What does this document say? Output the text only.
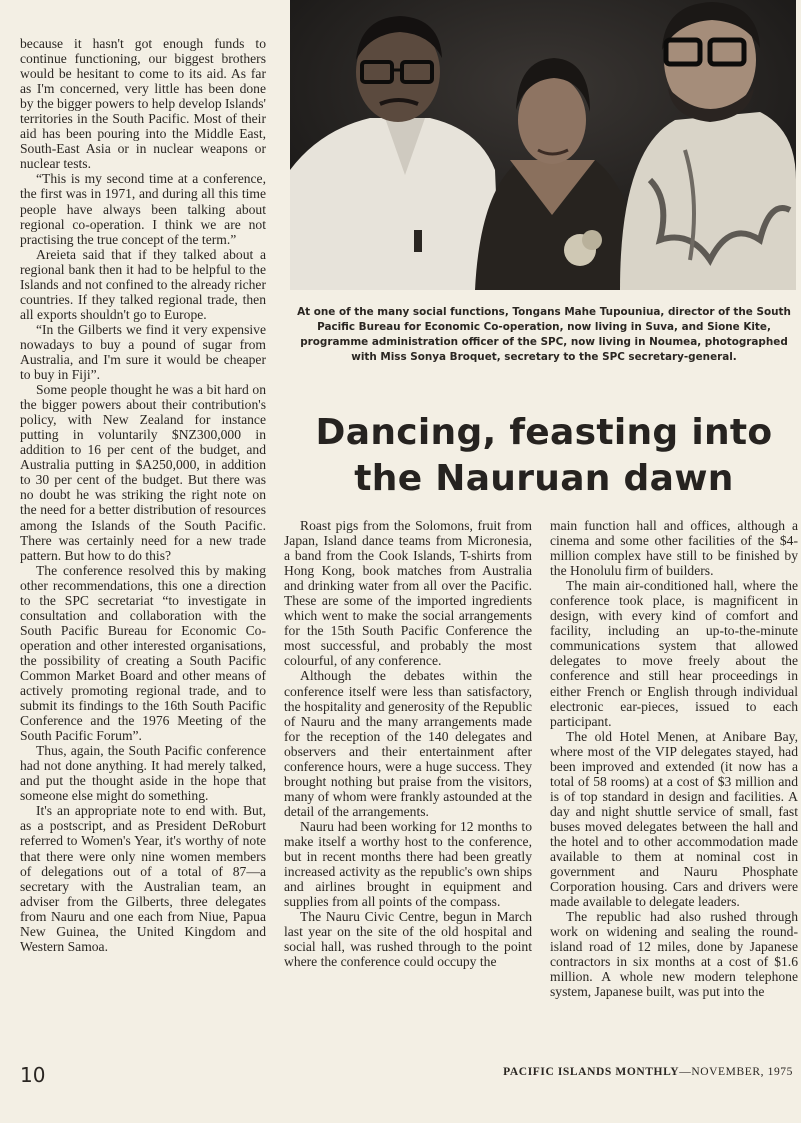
because it hasn't got enough funds to continue functioning, our biggest brothers would be hesitant to come to its aid. As far as I'm concerned, very little has been done by the bigger powers to help develop Islands' territories in the South Pacific. Most of their aid has been pouring into the Middle East, South-East Asia or in nuclear weapons or nuclear tests.

“This is my second time at a conference, the first was in 1971, and during all this time people have always been talking about regional co-operation. I think we are not practising the true concept of the term.”

Areieta said that if they talked about a regional bank then it had to be helpful to the Islands and not confined to the already richer countries. If they talked regional trade, then all exports shouldn't go to Europe.

“In the Gilberts we find it very expensive nowadays to buy a pound of sugar from Australia, and I'm sure it would be cheaper to buy in Fiji”.

Some people thought he was a bit hard on the bigger powers about their contribution's policy, with New Zealand for instance putting in voluntarily $NZ300,000 in addition to 16 per cent of the budget, and Australia putting in $A250,000, in addition to 30 per cent of the budget. But there was no doubt he was striking the right note on the need for a better distribution of resources among the Islands of the South Pacific. There was certainly need for a new trade pattern. But how to do this?

The conference resolved this by making other recommendations, this one a direction to the SPC secretariat “to investigate in consultation and collaboration with the South Pacific Bureau for Economic Co-operation and other interested organisations, the possibility of creating a South Pacific Common Market Board and other means of actively promoting regional trade, and to submit its findings to the 16th South Pacific Conference and the 1976 Meeting of the South Pacific Forum”.

Thus, again, the South Pacific conference had not done anything. It had merely talked, and put the thought aside in the hope that someone else might do something.

It's an appropriate note to end with. But, as a postscript, and as President DeRoburt referred to Women's Year, it's worthy of note that there were only nine women members of delegations out of a total of 87—a secretary with the Australian team, an adviser from the Gilberts, three delegates from Nauru and one each from Niue, Papua New Guinea, the United Kingdom and Western Samoa.

At one of the many social functions, Tongans Mahe Tupouniua, director of the South Pacific Bureau for Economic Co-operation, now living in Suva, and Sione Kite, programme administration officer of the SPC, now living in Noumea, photographed with Miss Sonya Broquet, secretary to the SPC secretary-general.
Dancing, feasting into
the Nauruan dawn

Roast pigs from the Solomons, fruit from Japan, Island dance teams from Micronesia, a band from the Cook Islands, T-shirts from Hong Kong, book matches from Australia and drinking water from all over the Pacific. These are some of the imported ingredients which went to make the social arrangements for the 15th South Pacific Conference the most successful, and probably the most colourful, of any conference.

Although the debates within the conference itself were less than satisfactory, the hospitality and generosity of the Republic of Nauru and the many arrangements made for the reception of the 140 delegates and observers and their entertainment after conference hours, were a huge success. They brought nothing but praise from the visitors, many of whom were frankly astounded at the detail of the arrangements.

Nauru had been working for 12 months to make itself a worthy host to the conference, but in recent months there had been greatly increased activity as the republic's own ships and airlines brought in equipment and supplies from all points of the compass.

The Nauru Civic Centre, begun in March last year on the site of the old hospital and social hall, was rushed through to the point where the conference could occupy the

main function hall and offices, although a cinema and some other facilities of the $4-million complex have still to be finished by the Honolulu firm of builders.

The main air-conditioned hall, where the conference took place, is magnificent in design, with every kind of comfort and facility, including an up-to-the-minute communications system that allowed delegates to move freely about the conference and still hear proceedings in either French or English through individual electronic ear-pieces, issued to each participant.

The old Hotel Menen, at Anibare Bay, where most of the VIP delegates stayed, had been improved and extended (it now has a total of 58 rooms) at a cost of $3 million and is of top standard in design and facilities. A day and night shuttle service of small, fast buses moved delegates between the hall and the hotel and to other accommodation made available to them at nominal cost in government and Nauru Phosphate Corporation housing. Cars and drivers were made available to delegate leaders.

The republic had also rushed through work on widening and sealing the round-island road of 12 miles, done by Japanese contractors in six months at a cost of $1.6 million. A whole new modern telephone system, Japanese built, was put into the

10	PACIFIC ISLANDS MONTHLY—NOVEMBER, 1975
